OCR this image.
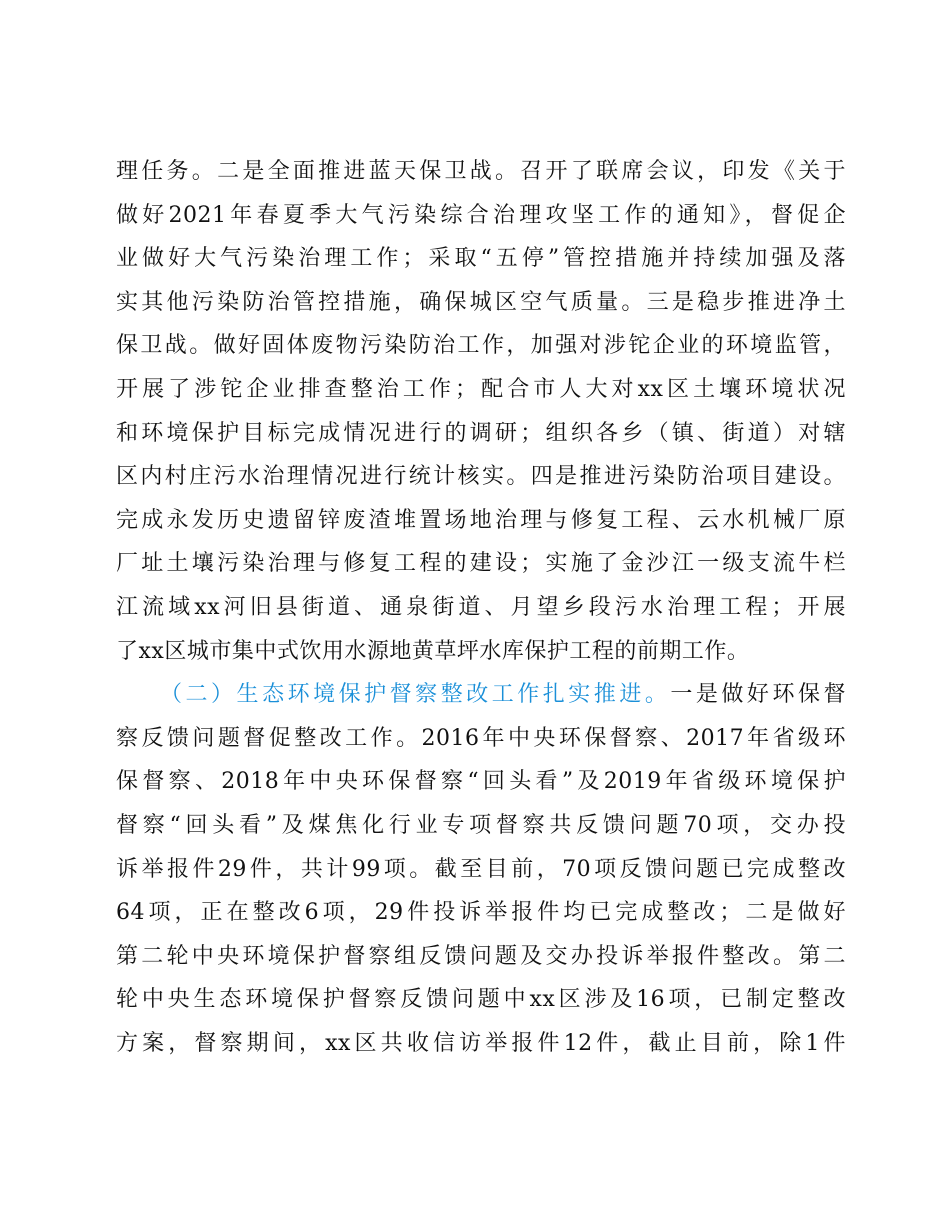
理任务。二是全面推进蓝天保卫战。召开了联席会议，印发《关于
做好2021年春夏季大气污染综合治理攻坚工作的通知》，督促企
业做好大气污染治理工作；采取“五停”管控措施并持续加强及落
实其他污染防治管控措施，确保城区空气质量。三是稳步推进净土
保卫战。做好固体废物污染防治工作，加强对涉铊企业的环境监管，
开展了涉铊企业排查整治工作；配合市人大对xx区土壤环境状况
和环境保护目标完成情况进行的调研；组织各乡（镇、街道）对辖
区内村庄污水治理情况进行统计核实。四是推进污染防治项目建设。
完成永发历史遗留锌废渣堆置场地治理与修复工程、云水机械厂原
厂址土壤污染治理与修复工程的建设；实施了金沙江一级支流牛栏
江流域xx河旧县街道、通泉街道、月望乡段污水治理工程；开展
了xx区城市集中式饮用水源地黄草坪水库保护工程的前期工作。
（二）生态环境保护督察整改工作扎实推进。一是做好环保督
察反馈问题督促整改工作。2016年中央环保督察、2017年省级环
保督察、2018年中央环保督察“回头看”及2019年省级环境保护
督察“回头看”及煤焦化行业专项督察共反馈问题70项，交办投
诉举报件29件，共计99项。截至目前，70项反馈问题已完成整改
64项，正在整改6项，29件投诉举报件均已完成整改；二是做好
第二轮中央环境保护督察组反馈问题及交办投诉举报件整改。第二
轮中央生态环境保护督察反馈问题中xx区涉及16项，已制定整改
方案，督察期间，xx区共收信访举报件12件，截止目前，除1件
